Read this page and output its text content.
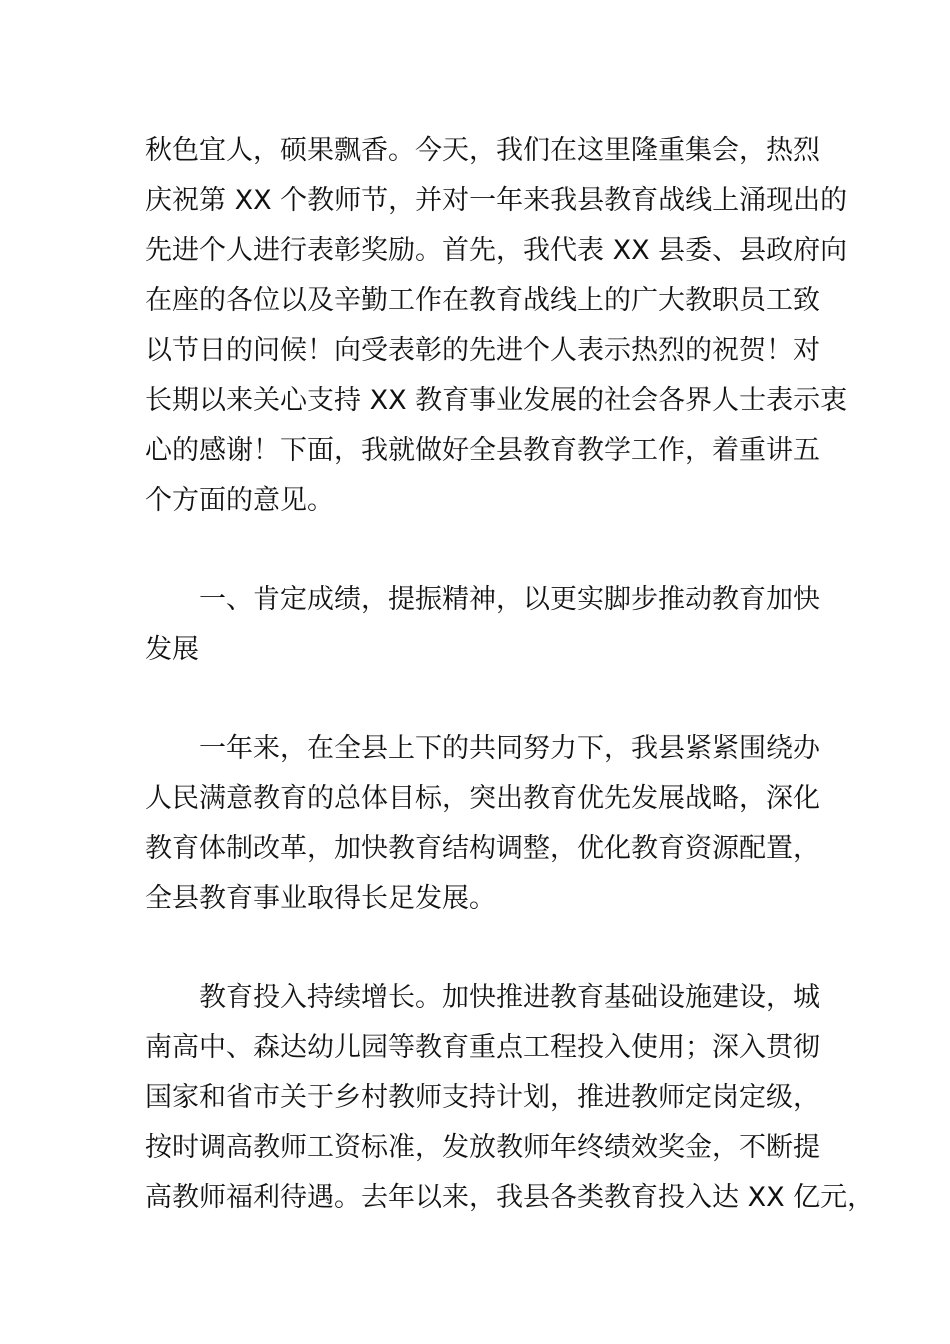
秋色宜人，硕果飘香。今天，我们在这里隆重集会，热烈
庆祝第 XX 个教师节，并对一年来我县教育战线上涌现出的
先进个人进行表彰奖励。首先，我代表 XX 县委、县政府向
在座的各位以及辛勤工作在教育战线上的广大教职员工致
以节日的问候！向受表彰的先进个人表示热烈的祝贺！对
长期以来关心支持 XX 教育事业发展的社会各界人士表示衷
心的感谢！下面，我就做好全县教育教学工作，着重讲五
个方面的意见。
　　一、肯定成绩，提振精神，以更实脚步推动教育加快
发展
　　一年来，在全县上下的共同努力下，我县紧紧围绕办
人民满意教育的总体目标，突出教育优先发展战略，深化
教育体制改革，加快教育结构调整，优化教育资源配置，
全县教育事业取得长足发展。
　　教育投入持续增长。加快推进教育基础设施建设，城
南高中、森达幼儿园等教育重点工程投入使用；深入贯彻
国家和省市关于乡村教师支持计划，推进教师定岗定级，
按时调高教师工资标准，发放教师年终绩效奖金，不断提
高教师福利待遇。去年以来，我县各类教育投入达 XX 亿元，
